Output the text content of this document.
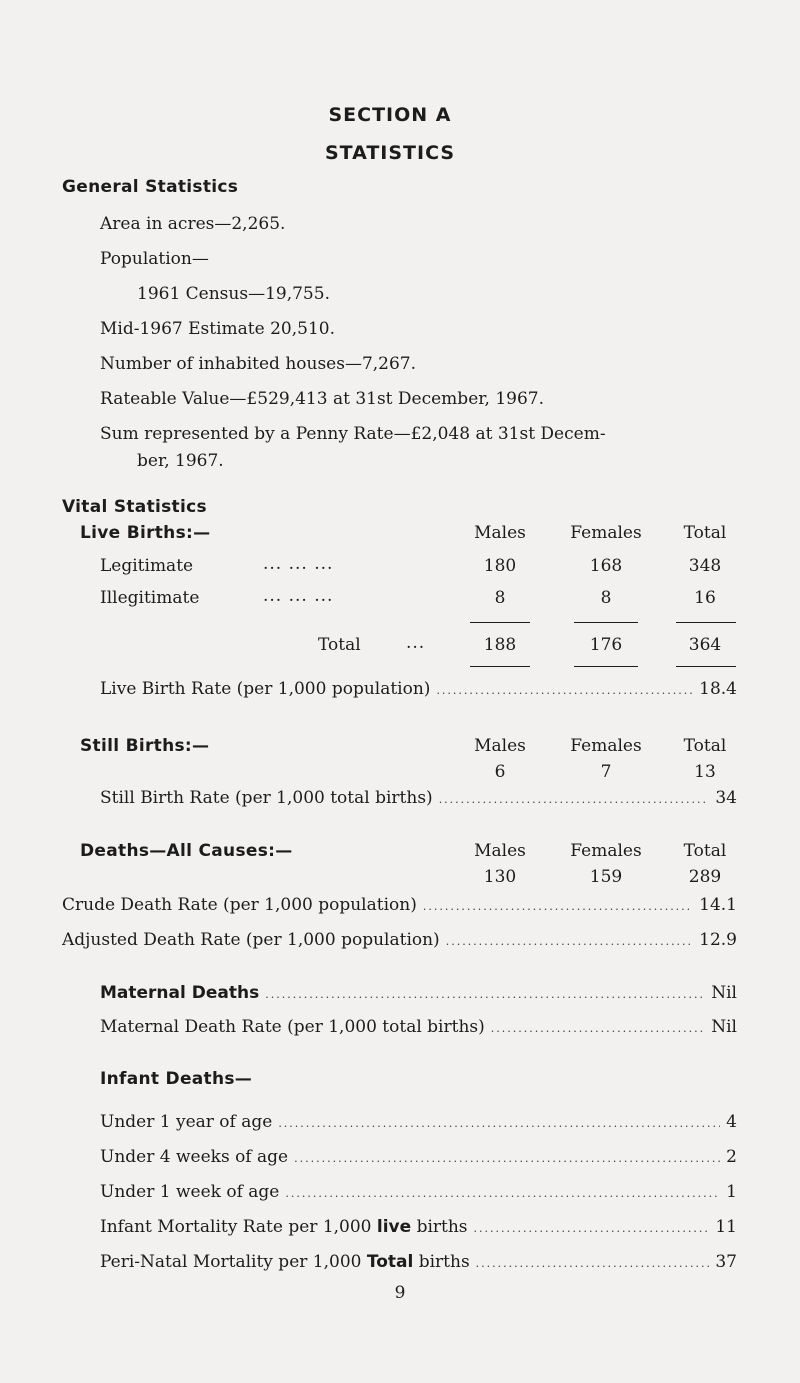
SECTION A
STATISTICS
General Statistics
Area in acres—2,265.
Population—
1961 Census—19,755.
Mid-1967 Estimate 20,510.
Number of inhabited houses—7,267.
Rateable Value—£529,413 at 31st December, 1967.
Sum represented by a Penny Rate—£2,048 at 31st Decem-
ber, 1967.
Vital Statistics
Live Births:—	Males	Females	Total
Legitimate	... ... ...	180	168	348
Illegitimate	... ... ...	8	8	16
Total	...	188	176	364
Live Birth Rate (per 1,000 population) .....	18.4
Still Births:—	Males	Females	Total
6	7	13
Still Birth Rate (per 1,000 total births) .....	34
Deaths—All Causes:—	Males	Females	Total
130	159	289
Crude Death Rate (per 1,000 population) .....	14.1
Adjusted Death Rate (per 1,000 population) .....	12.9
Maternal Deaths .....	Nil
Maternal Death Rate (per 1,000 total births) .....	Nil
Infant Deaths—
Under 1 year of age .....	4
Under 4 weeks of age .....	2
Under 1 week of age .....	1
Infant Mortality Rate per 1,000 live births .....	11
Peri-Natal Mortality per 1,000 Total births .....	37
9
